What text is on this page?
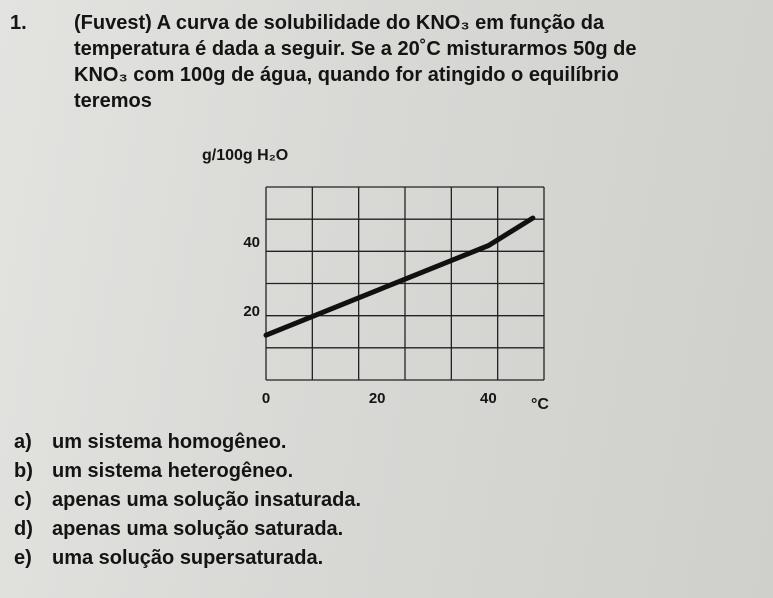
1. (Fuvest) A curva de solubilidade do KNO₃ em função da

temperatura é dada a seguir. Se a 20˚C misturarmos 50g de

KNO₃ com 100g de água, quando for atingido o equilíbrio

teremos

g/100g H₂O
20
40
0	20	40 °C
a) um sistema homogêneo.
b) um sistema heterogêneo.
c) apenas uma solução insaturada.
d) apenas uma solução saturada.
e) uma solução supersaturada.
